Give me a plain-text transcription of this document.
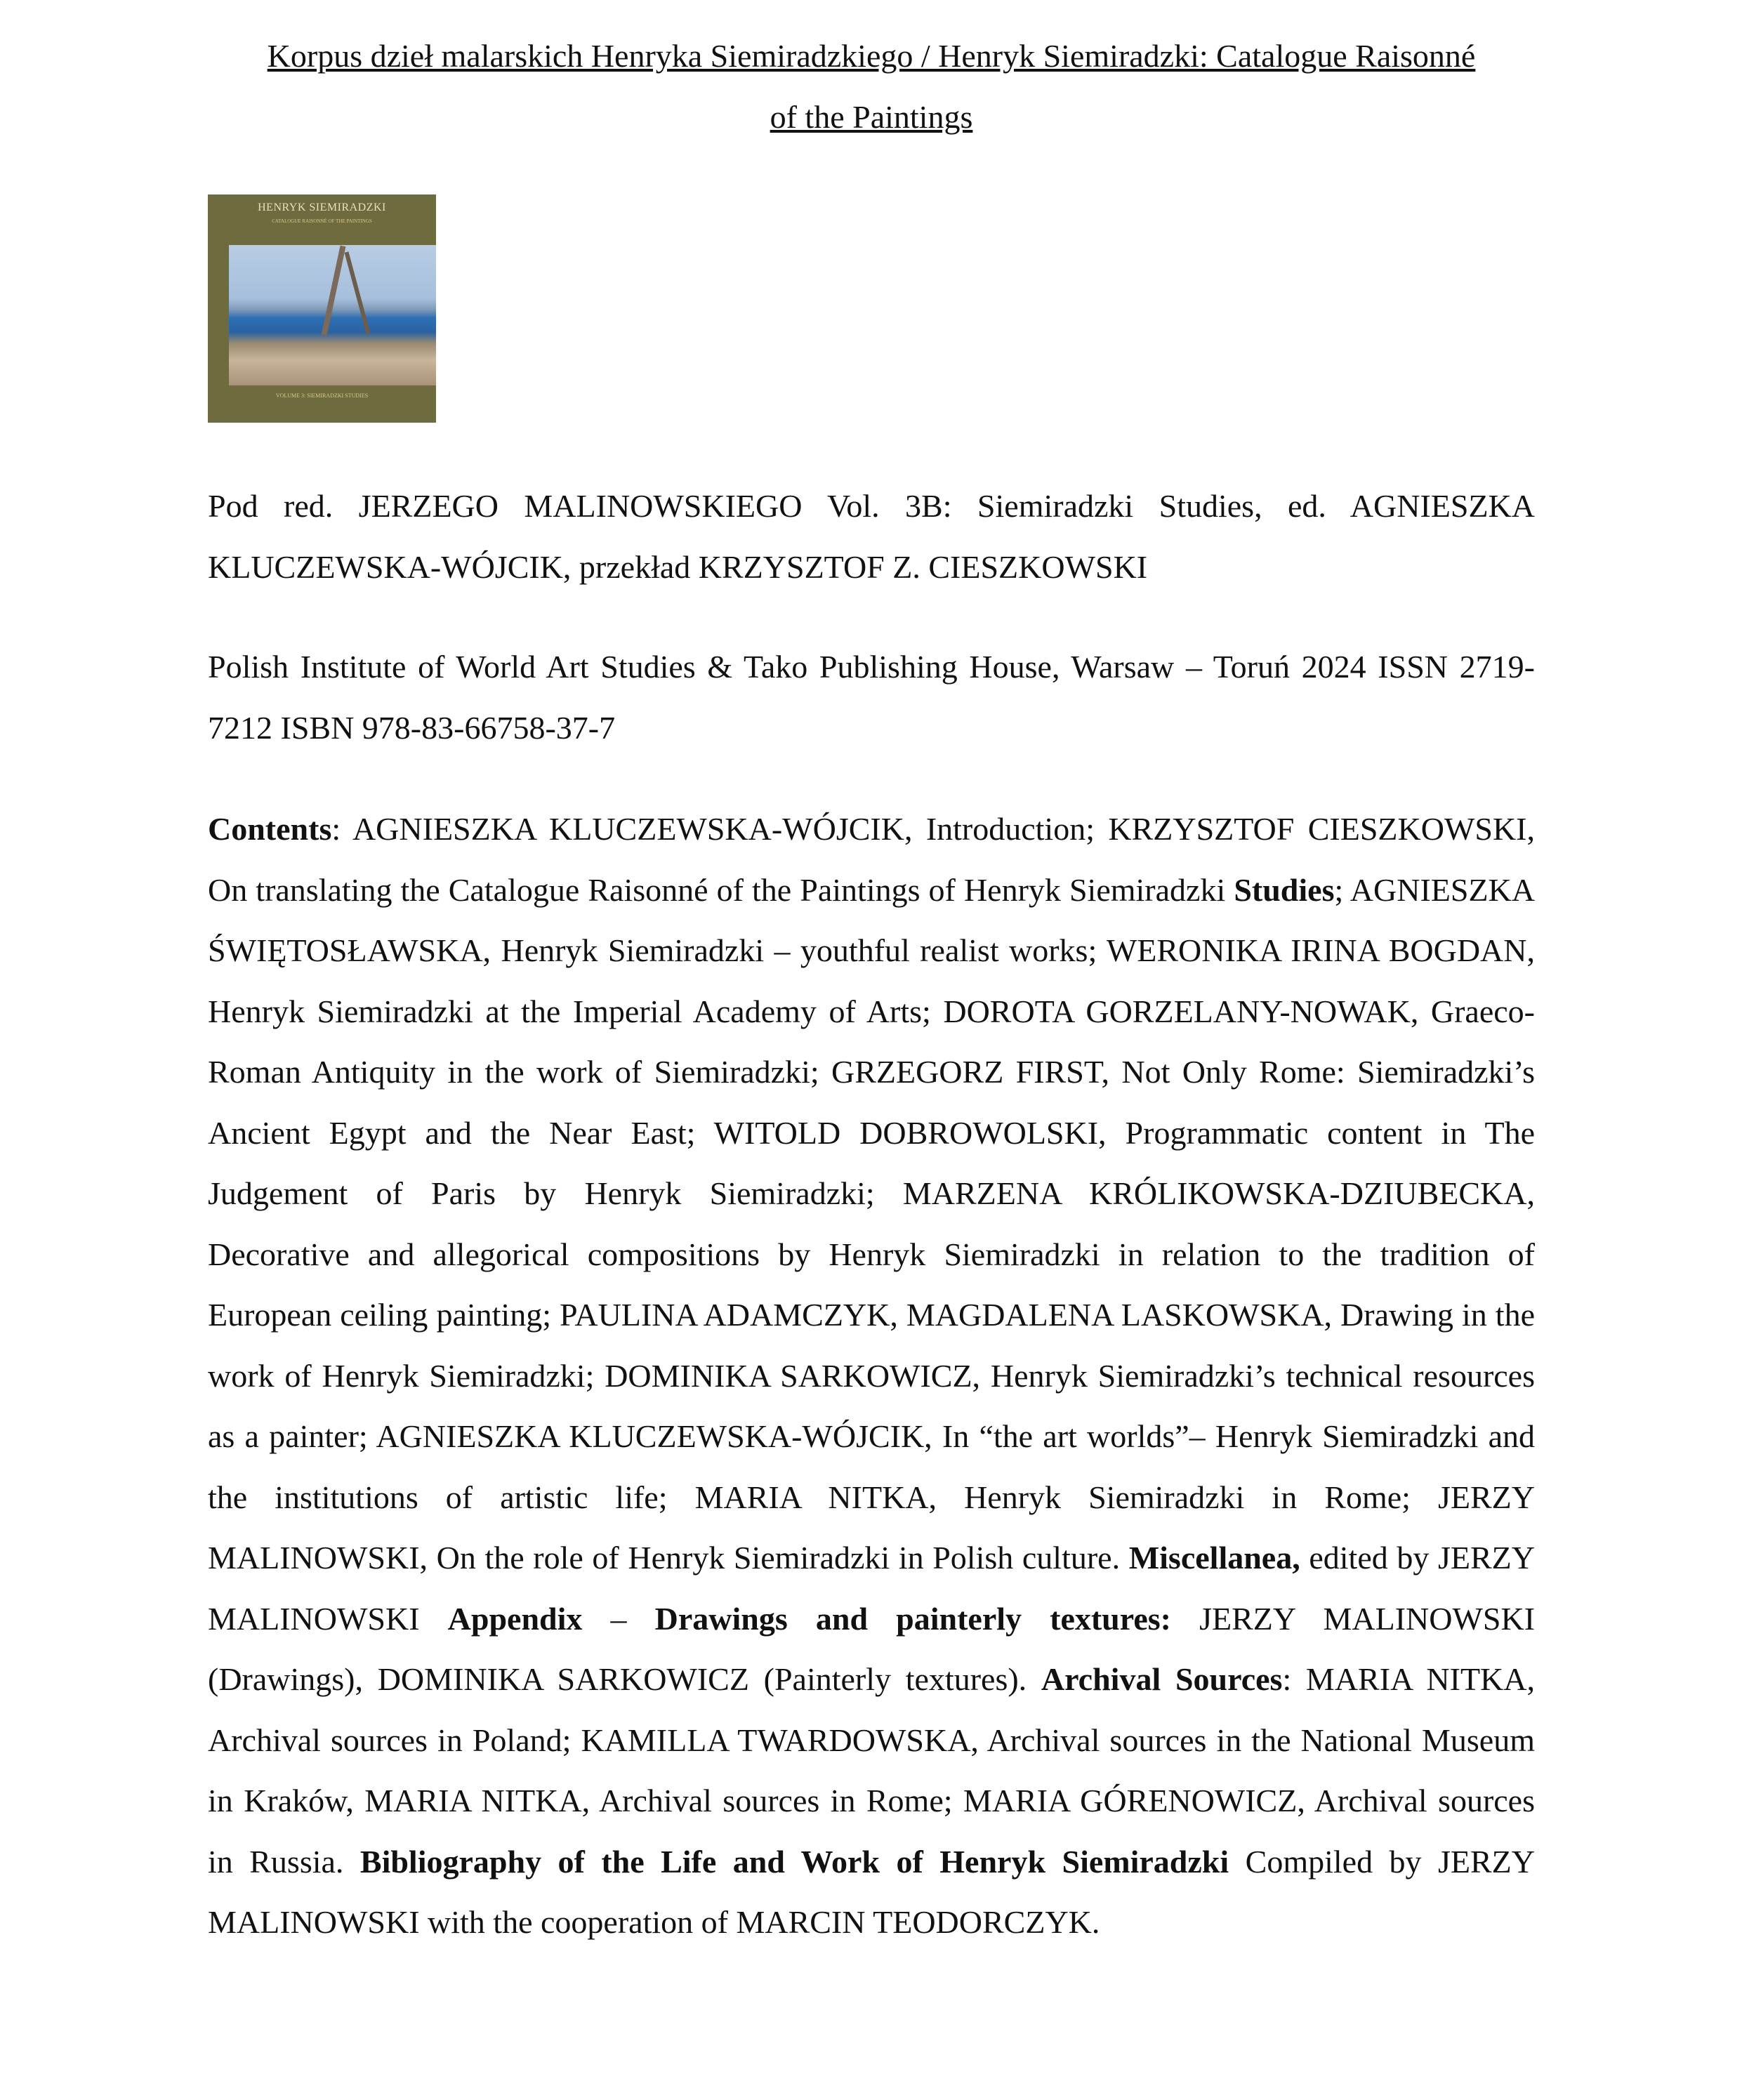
Korpus dzieł malarskich Henryka Siemiradzkiego / Henryk Siemiradzki: Catalogue Raisonné
of the Paintings
HENRYK SIEMIRADZKI
CATALOGUE RAISONNÉ OF THE PAINTINGS
VOLUME 3: SIEMIRADZKI STUDIES
Pod red. JERZEGO MALINOWSKIEGO Vol. 3B: Siemiradzki Studies, ed. AGNIESZKA KLUCZEWSKA-WÓJCIK, przekład KRZYSZTOF Z. CIESZKOWSKI
Polish Institute of World Art Studies & Tako Publishing House, Warsaw – Toruń 2024 ISSN 2719-7212 ISBN 978-83-66758-37-7
Contents: AGNIESZKA KLUCZEWSKA-WÓJCIK, Introduction; KRZYSZTOF CIESZKOWSKI, On translating the Catalogue Raisonné of the Paintings of Henryk Siemiradzki Studies; AGNIESZKA ŚWIĘTOSŁAWSKA, Henryk Siemiradzki – youthful realist works; WERONIKA IRINA BOGDAN, Henryk Siemiradzki at the Imperial Academy of Arts; DOROTA GORZELANY-NOWAK, Graeco-Roman Antiquity in the work of Siemiradzki; GRZEGORZ FIRST, Not Only Rome: Siemiradzki’s Ancient Egypt and the Near East; WITOLD DOBROWOLSKI, Programmatic content in The Judgement of Paris by Henryk Siemiradzki; MARZENA KRÓLIKOWSKA-DZIUBECKA, Decorative and allegorical compositions by Henryk Siemiradzki in relation to the tradition of European ceiling painting; PAULINA ADAMCZYK, MAGDALENA LASKOWSKA, Drawing in the work of Henryk Siemiradzki; DOMINIKA SARKOWICZ, Henryk Siemiradzki’s technical resources as a painter; AGNIESZKA KLUCZEWSKA-WÓJCIK, In “the art worlds”– Henryk Siemiradzki and the institutions of artistic life; MARIA NITKA, Henryk Siemiradzki in Rome; JERZY MALINOWSKI, On the role of Henryk Siemiradzki in Polish culture. Miscellanea, edited by JERZY MALINOWSKI Appendix – Drawings and painterly textures: JERZY MALINOWSKI (Drawings), DOMINIKA SARKOWICZ (Painterly textures). Archival Sources: MARIA NITKA, Archival sources in Poland; KAMILLA TWARDOWSKA, Archival sources in the National Museum in Kraków, MARIA NITKA, Archival sources in Rome; MARIA GÓRENOWICZ, Archival sources in Russia. Bibliography of the Life and Work of Henryk Siemiradzki Compiled by JERZY MALINOWSKI with the cooperation of MARCIN TEODORCZYK.
